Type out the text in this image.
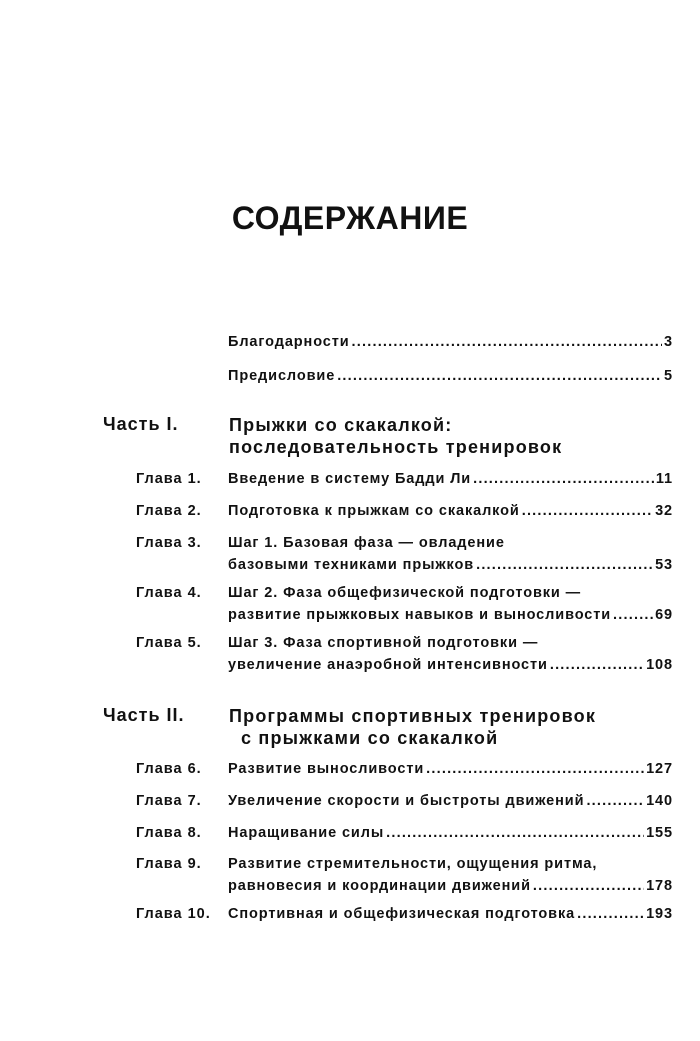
СОДЕРЖАНИЕ
Благодарности .....	3
Предисловие .....	5
Часть I.	Прыжки со скакалкой:
последовательность тренировок
Глава 1. Введение в систему Бадди Ли .....	11
Глава 2. Подготовка к прыжкам со скакалкой .....	32
Глава 3. Шаг 1. Базовая фаза — овладение
базовыми техниками прыжков .....	53
Глава 4. Шаг 2. Фаза общефизической подготовки —
развитие прыжковых навыков и выносливости .....	69
Глава 5. Шаг 3. Фаза спортивной подготовки —
увеличение анаэробной интенсивности .....	108
Часть II. Программы спортивных тренировок
с прыжками со скакалкой
Глава 6. Развитие выносливости .....	127
Глава 7. Увеличение скорости и быстроты движений .....	140
Глава 8. Наращивание силы .....	155
Глава 9. Развитие стремительности, ощущения ритма,
равновесия и координации движений .....	178
Глава 10. Спортивная и общефизическая подготовка .....	193
